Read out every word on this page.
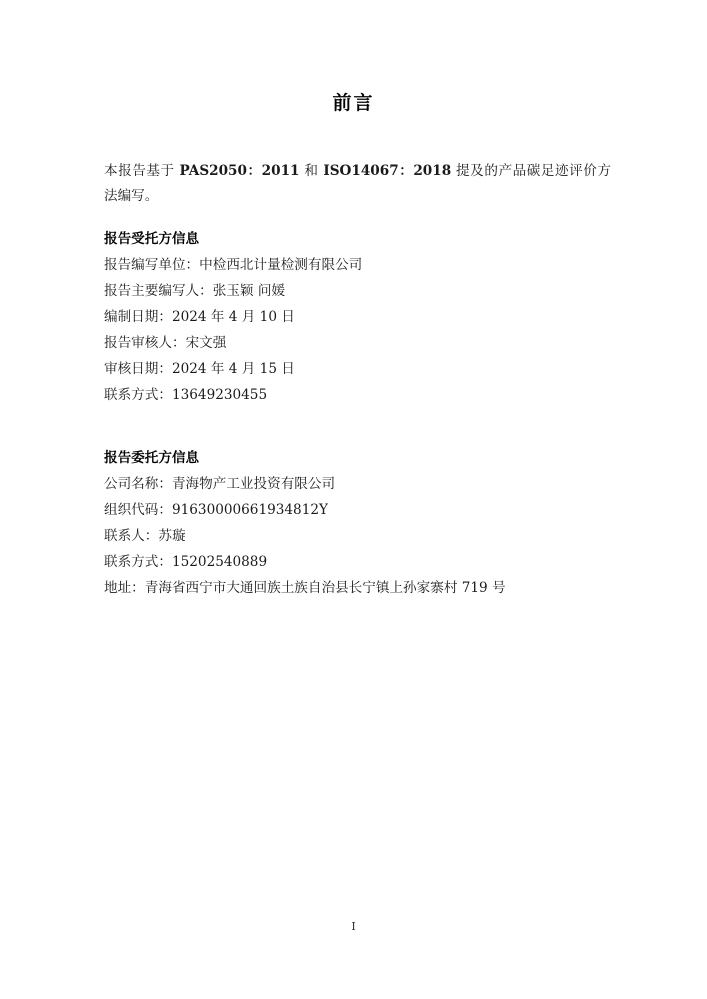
前言

本报告基于 PAS2050：2011 和 ISO14067：2018 提及的产品碳足迹评价方法编写。

报告受托方信息
报告编写单位：中检西北计量检测有限公司
报告主要编写人：张玉颖 问媛
编制日期：2024 年 4 月 10 日
报告审核人：宋文强
审核日期：2024 年 4 月 15 日
联系方式：13649230455
报告委托方信息
公司名称：青海物产工业投资有限公司
组织代码：91630000661934812Y
联系人：苏璇
联系方式：15202540889
地址：青海省西宁市大通回族土族自治县长宁镇上孙家寨村 719 号
I
